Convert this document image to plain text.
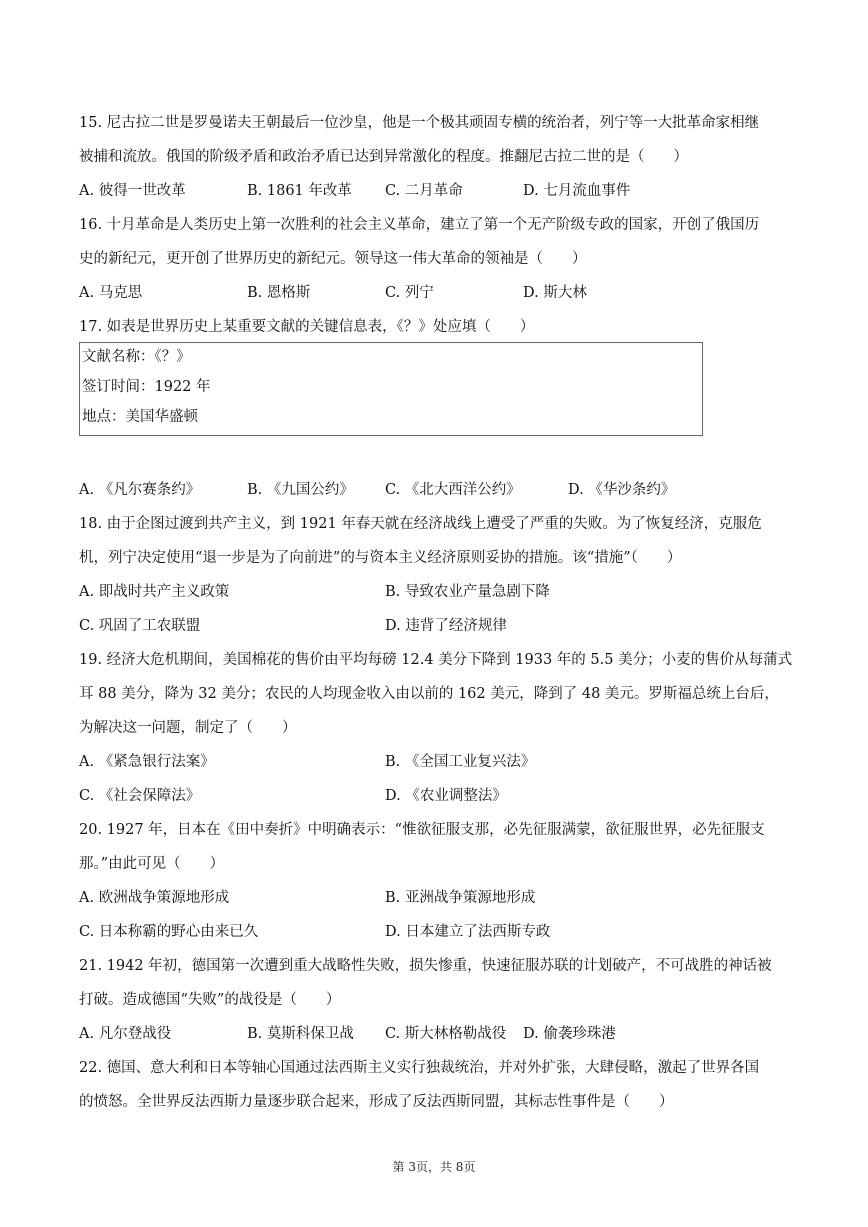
15. 尼古拉二世是罗曼诺夫王朝最后一位沙皇，他是一个极其顽固专横的统治者，列宁等一大批革命家相继
被捕和流放。俄国的阶级矛盾和政治矛盾已达到异常激化的程度。推翻尼古拉二世的是（　　）
A. 彼得一世改革	B. 1861 年改革 C. 二月革命	D. 七月流血事件
16. 十月革命是人类历史上第一次胜利的社会主义革命，建立了第一个无产阶级专政的国家，开创了俄国历
史的新纪元，更开创了世界历史的新纪元。领导这一伟大革命的领袖是（　　）
A. 马克思	B. 恩格斯	C. 列宁	D. 斯大林
17. 如表是世界历史上某重要文献的关键信息表，《？》处应填（　　）
文献名称：《？》
签订时间：1922 年
地点：美国华盛顿
A. 《凡尔赛条约》	B. 《九国公约》 C. 《北大西洋公约》	D. 《华沙条约》
18. 由于企图过渡到共产主义，到 1921 年春天就在经济战线上遭受了严重的失败。为了恢复经济，克服危
机，列宁决定使用“退一步是为了向前进”的与资本主义经济原则妥协的措施。该“措施”（　　）
A. 即战时共产主义政策	B. 导致农业产量急剧下降
C. 巩固了工农联盟	D. 违背了经济规律
19. 经济大危机期间，美国棉花的售价由平均每磅 12.4 美分下降到 1933 年的 5.5 美分；小麦的售价从每蒲式
耳 88 美分，降为 32 美分；农民的人均现金收入由以前的 162 美元，降到了 48 美元。罗斯福总统上台后，
为解决这一问题，制定了（　　）
A. 《紧急银行法案》	B. 《全国工业复兴法》
C. 《社会保障法》	D. 《农业调整法》
20. 1927 年，日本在《田中奏折》中明确表示：“惟欲征服支那，必先征服满蒙，欲征服世界，必先征服支
那。”由此可见（　　）
A. 欧洲战争策源地形成	B. 亚洲战争策源地形成
C. 日本称霸的野心由来已久	D. 日本建立了法西斯专政
21. 1942 年初，德国第一次遭到重大战略性失败，损失惨重，快速征服苏联的计划破产，不可战胜的神话被
打破。造成德国“失败”的战役是（　　）
A. 凡尔登战役	B. 莫斯科保卫战 C. 斯大林格勒战役 D. 偷袭珍珠港
22. 德国、意大利和日本等轴心国通过法西斯主义实行独裁统治，并对外扩张，大肆侵略，激起了世界各国
的愤怒。全世界反法西斯力量逐步联合起来，形成了反法西斯同盟，其标志性事件是（　　）
第 3页，共 8页
